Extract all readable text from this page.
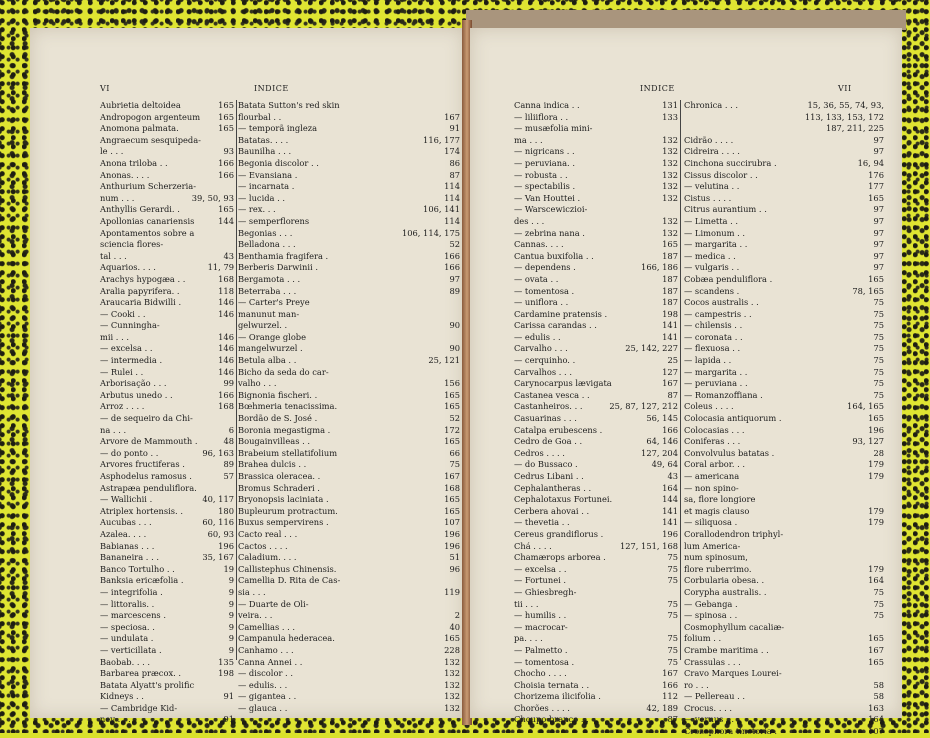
VI	INDICE
Aubrietia deltoidea	165
Andropogon argenteum 165
Anomona palmata.	165
Angraecum sesquipeda-
le . . .	93
Anona triloba . .	166
Anonas. . . .	166
Anthurium Scherzeria-
num . . .	39, 50, 93
Anthyllis Gerardi. .	165
Apollonias canariensis	144
Apontamentos sobre a
sciencia flores-
tal . . .	43
Aquarios. . . .	11, 79
Arachys hypogæa . .	168
Aralia papyrifera. .	118
Araucaria Bidwilli .	146
— Cooki . .	146
— Cunningha-
mii . . .	146
— excelsa . .	146
— intermedia .	146
— Rulei . .	146
Arborisação . . .	99
Arbutus unedo . .	166
Arroz . . . .	168
— de sequeiro da Chi-
na . . .	6
Arvore de Mammouth .	48
— do ponto . .	96, 163
Arvores fructiferas .	89
Asphodelus ramosus .	57
Astrapæa penduliflora.
— Wallichii .	40, 117
Atriplex hortensis. .	180
Aucubas . . .	60, 116
Azalea. . . .	60, 93
Babianas . . .	196
Bananeira . . .	35, 167
Banco Tortulho . .	19
Banksia ericæfolia .	9
— integrifolia .	9
— littoralis. .	9
— marcescens .	9
— speciosa. .	9
— undulata .	9
— verticillata .	9
Baobab. . . .	135
Barbarea præcox. .	198
Batata Alyatt's prolific
Kidneys . .	91
— Cambridge Kid-
ney . . .	91
Batata Sutton's red skin
flourbal . .	167
— temporã ingleza	91
Batatas. . . .	116, 177
Baunilha . . .	174
Begonia discolor . .	86
— Evansiana .	87
— incarnata .	114
— lucida . .	114
— rex. . .	106, 141
— semperflorens	114
Begonias . . .	106, 114, 175
Belladona . . .	52
Benthamia fragifera .	166
Berberis Darwinii .	166
Bergamota . . .	97
Beterraba . . .	89
— Carter's Preye
manunut man-
gelwurzel. .	90
— Orange globe
mangelwurzel .	90
Betula alba . .	25, 121
Bicho da seda do car-
valho . . .	156
Bignonia fischeri. .	165
Bœhmeria tenacissima.	165
Bordão de S. José .	52
Boronia megastigma .	172
Bougainvilleas . .	165
Brabeium stellatifolium	66
Brahea dulcis . .	75
Brassica oleracea. .	167
Bromus Schraderi .	168
Bryonopsis laciniata .	165
Bupleurum protractum.	165
Buxus sempervirens .	107
Cacto real . . .	196
Cactos . . . .	196
Caladium. . . .	51
Callistephus Chinensis.	96
Camellia D. Rita de Cas-
sia . . .	119
— Duarte de Oli-
veira. . .	2
Camellias . . .	40
Campanula hederacea.	165
Canhamo . . .	228
Canna Annei . .	132
— discolor . .	132
— edulis. . .	132
— gigantea . .	132
— glauca . .	132
INDICE	VII
Canna indica . .	131
— liliiflora . .	133
— musæfolia mini-
ma . . .	132
— nigricans . .	132
— peruviana. .	132
— robusta . .	132
— spectabilis .	132
— Van Houttei .	132
— Warscewiczioi-
des . . .	132
— zebrina nana .	132
Cannas. . . .	165
Cantua buxifolia . .	187
— dependens .	166, 186
— ovata . .	187
— tomentosa .	187
— uniflora . .	187
Cardamine pratensis .	198
Carissa carandas . .	141
— edulis . .	141
Carvalho . . .	25, 142, 227
— cerquinho. .	25
Carvalhos . . .	127
Carynocarpus lævigata	167
Castanea vesca . .	87
Castanheiros. . .	25, 87, 127, 212
Casuarinas . . .	56, 145
Catalpa erubescens .	166
Cedro de Goa . .	64, 146
Cedros . . . .	127, 204
— do Bussaco .	49, 64
Cedrus Libani . .	43
Cephalantheras . .	164
Cephalotaxus Fortunei.	144
Cerbera ahovai . .	141
— thevetia . .	141
Cereus grandiflorus .	196
Chá . . . .	127, 151, 168
Chamærops arborea .	75
— excelsa . .	75
— Fortunei .	75
— Ghiesbregh-
tii . . .	75
— humilis . .	75
— macrocar-
pa. . . .	75
— Palmetto .	75
— tomentosa .	75
Chocho . . . .	167
Choisia ternata . .	166
Chorizema ilicifolia .	112
Chorões . . . .	42, 189
Choupo branco . .	87
Chronica . . .	15, 36, 55, 74, 93,
113, 133, 153, 172
187, 211, 225
Cidrão . . . .	97
Cidreira . . . .	97
Cinchona succirubra .	16, 94
Cissus discolor . .	176
— velutina . .	177
Cistus . . . .	165
Citrus aurantium . .	97
— Limetta . .	97
— Limonum . .	97
— margarita . .	97
— medica . .	97
— vulgaris . .	97
Cobæa penduliflora .	165
— scandens .	78, 165
Cocos australis . .	75
— campestris . .	75
— chilensis . .	75
— coronata . .	75
— flexuosa . .	75
— lapida . .	75
— margarita . .	75
— peruviana . .	75
— Romanzoffiana .	75
Coleus . . . .	164, 165
Colocasia antiquorum .	165
Colocasias . . .	196
Coniferas . . .	93, 127
Convolvulus batatas .	28
Coral arbor. . .	179
— americana	179
— non spino-
sa, flore longiore
et magis clauso	179
— siliquosa .	179
Corallodendron triphyl-
lum America-
num spinosum,
flore ruberrimo.	179
Corbularia obesa. .	164
Corypha australis. .	75
— Gebanga .	75
— spinosa . .	75
Cosmophyllum cacaliæ-
folium . .	165
Crambe maritima . .	167
Crassulas . . .	165
Cravo Marques Lourei-
ro . . .	58
— Pellereau . .	58
Crocus. . . .	163
— vernus . .	164
Crozophora tinctoria .	107
